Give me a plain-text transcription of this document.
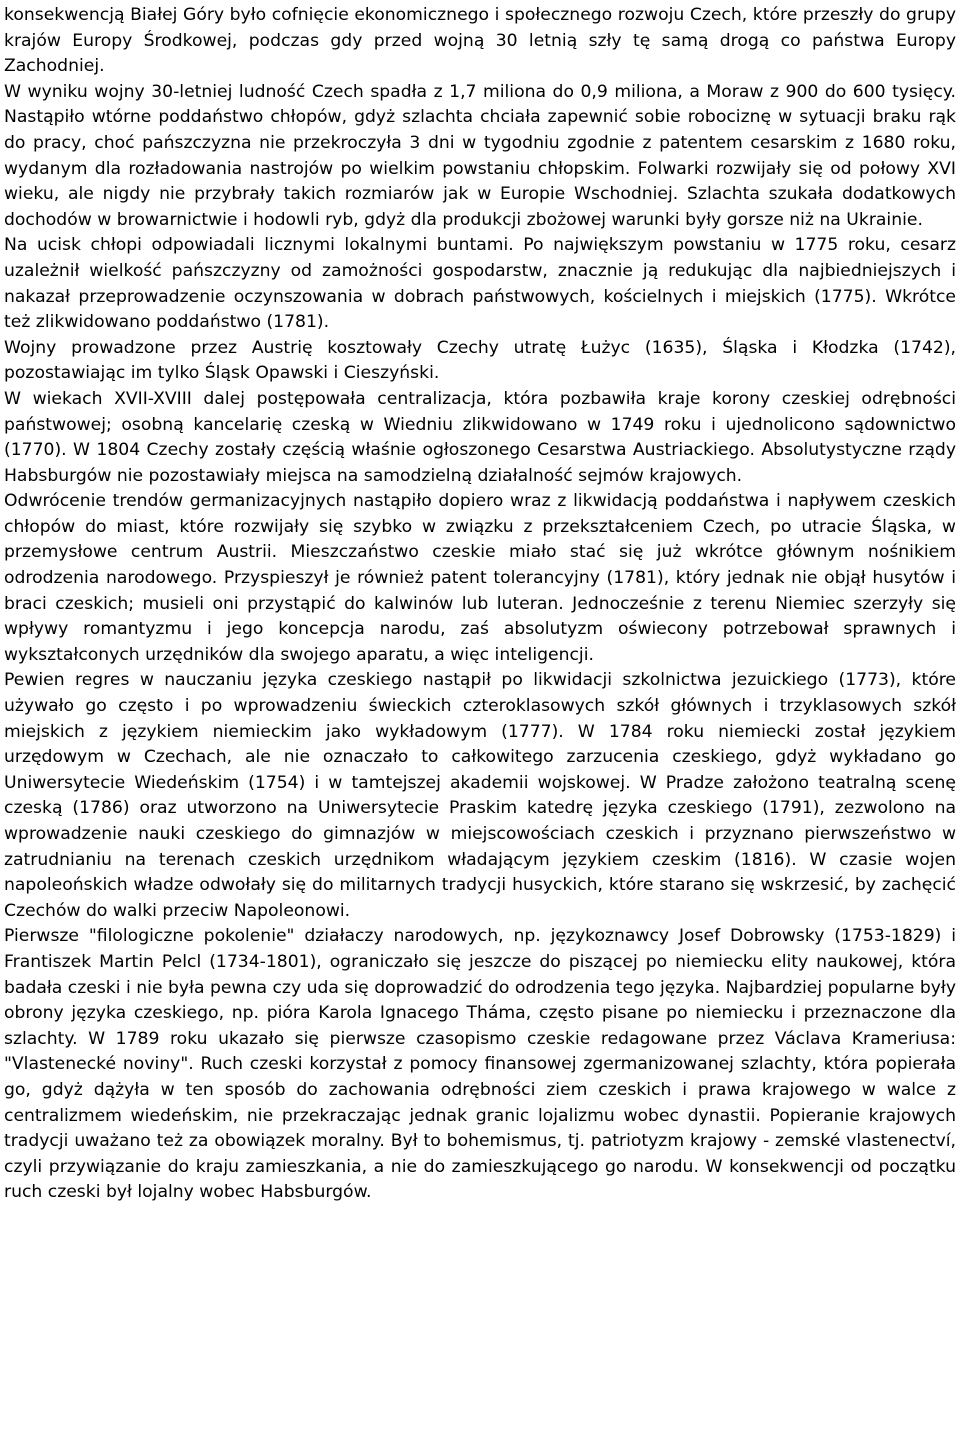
konsekwencją Białej Góry było cofnięcie ekonomicznego i społecznego rozwoju Czech, które przeszły do grupy krajów Europy Środkowej, podczas gdy przed wojną 30 letnią szły tę samą drogą co państwa Europy Zachodniej.

W wyniku wojny 30-letniej ludność Czech spadła z 1,7 miliona do 0,9 miliona, a Moraw z 900 do 600 tysięcy. Nastąpiło wtórne poddaństwo chłopów, gdyż szlachta chciała zapewnić sobie robociznę w sytuacji braku rąk do pracy, choć pańszczyzna nie przekroczyła 3 dni w tygodniu zgodnie z patentem cesarskim z 1680 roku, wydanym dla rozładowania nastrojów po wielkim powstaniu chłopskim. Folwarki rozwijały się od połowy XVI wieku, ale nigdy nie przybrały takich rozmiarów jak w Europie Wschodniej. Szlachta szukała dodatkowych dochodów w browarnictwie i hodowli ryb, gdyż dla produkcji zbożowej warunki były gorsze niż na Ukrainie.

Na ucisk chłopi odpowiadali licznymi lokalnymi buntami. Po największym powstaniu w 1775 roku, cesarz uzależnił wielkość pańszczyzny od zamożności gospodarstw, znacznie ją redukując dla najbiedniejszych i nakazał przeprowadzenie oczynszowania w dobrach państwowych, kościelnych i miejskich (1775). Wkrótce też zlikwidowano poddaństwo (1781).

Wojny prowadzone przez Austrię kosztowały Czechy utratę Łużyc (1635), Śląska i Kłodzka (1742), pozostawiając im tylko Śląsk Opawski i Cieszyński.

W wiekach XVII-XVIII dalej postępowała centralizacja, która pozbawiła kraje korony czeskiej odrębności państwowej; osobną kancelarię czeską w Wiedniu zlikwidowano w 1749 roku i ujednolicono sądownictwo (1770). W 1804 Czechy zostały częścią właśnie ogłoszonego Cesarstwa Austriackiego. Absolutystyczne rządy Habsburgów nie pozostawiały miejsca na samodzielną działalność sejmów krajowych.

Odwrócenie trendów germanizacyjnych nastąpiło dopiero wraz z likwidacją poddaństwa i napływem czeskich chłopów do miast, które rozwijały się szybko w związku z przekształceniem Czech, po utracie Śląska, w przemysłowe centrum Austrii. Mieszczaństwo czeskie miało stać się już wkrótce głównym nośnikiem odrodzenia narodowego. Przyspieszył je również patent tolerancyjny (1781), który jednak nie objął husytów i braci czeskich; musieli oni przystąpić do kalwinów lub luteran. Jednocześnie z terenu Niemiec szerzyły się wpływy romantyzmu i jego koncepcja narodu, zaś absolutyzm oświecony potrzebował sprawnych i wykształconych urzędników dla swojego aparatu, a więc inteligencji.

Pewien regres w nauczaniu języka czeskiego nastąpił po likwidacji szkolnictwa jezuickiego (1773), które używało go często i po wprowadzeniu świeckich czteroklasowych szkół głównych i trzyklasowych szkół miejskich z językiem niemieckim jako wykładowym (1777). W 1784 roku niemiecki został językiem urzędowym w Czechach, ale nie oznaczało to całkowitego zarzucenia czeskiego, gdyż wykładano go Uniwersytecie Wiedeńskim (1754) i w tamtejszej akademii wojskowej. W Pradze założono teatralną scenę czeską (1786) oraz utworzono na Uniwersytecie Praskim katedrę języka czeskiego (1791), zezwolono na wprowadzenie nauki czeskiego do gimnazjów w miejscowościach czeskich i przyznano pierwszeństwo w zatrudnianiu na terenach czeskich urzędnikom władającym językiem czeskim (1816). W czasie wojen napoleońskich władze odwołały się do militarnych tradycji husyckich, które starano się wskrzesić, by zachęcić Czechów do walki przeciw Napoleonowi.

Pierwsze "filologiczne pokolenie" działaczy narodowych, np. językoznawcy Josef Dobrowsky (1753-1829) i Frantiszek Martin Pelcl (1734-1801), ograniczało się jeszcze do piszącej po niemiecku elity naukowej, która badała czeski i nie była pewna czy uda się doprowadzić do odrodzenia tego języka. Najbardziej popularne były obrony języka czeskiego, np. pióra Karola Ignacego Tháma, często pisane po niemiecku i przeznaczone dla szlachty. W 1789 roku ukazało się pierwsze czasopismo czeskie redagowane przez Václava Krameriusa: "Vlastenecké noviny". Ruch czeski korzystał z pomocy finansowej zgermanizowanej szlachty, która popierała go, gdyż dążyła w ten sposób do zachowania odrębności ziem czeskich i prawa krajowego w walce z centralizmem wiedeńskim, nie przekraczając jednak granic lojalizmu wobec dynastii. Popieranie krajowych tradycji uważano też za obowiązek moralny. Był to bohemismus, tj. patriotyzm krajowy - zemské vlastenectví, czyli przywiązanie do kraju zamieszkania, a nie do zamieszkującego go narodu. W konsekwencji od początku ruch czeski był lojalny wobec Habsburgów.
